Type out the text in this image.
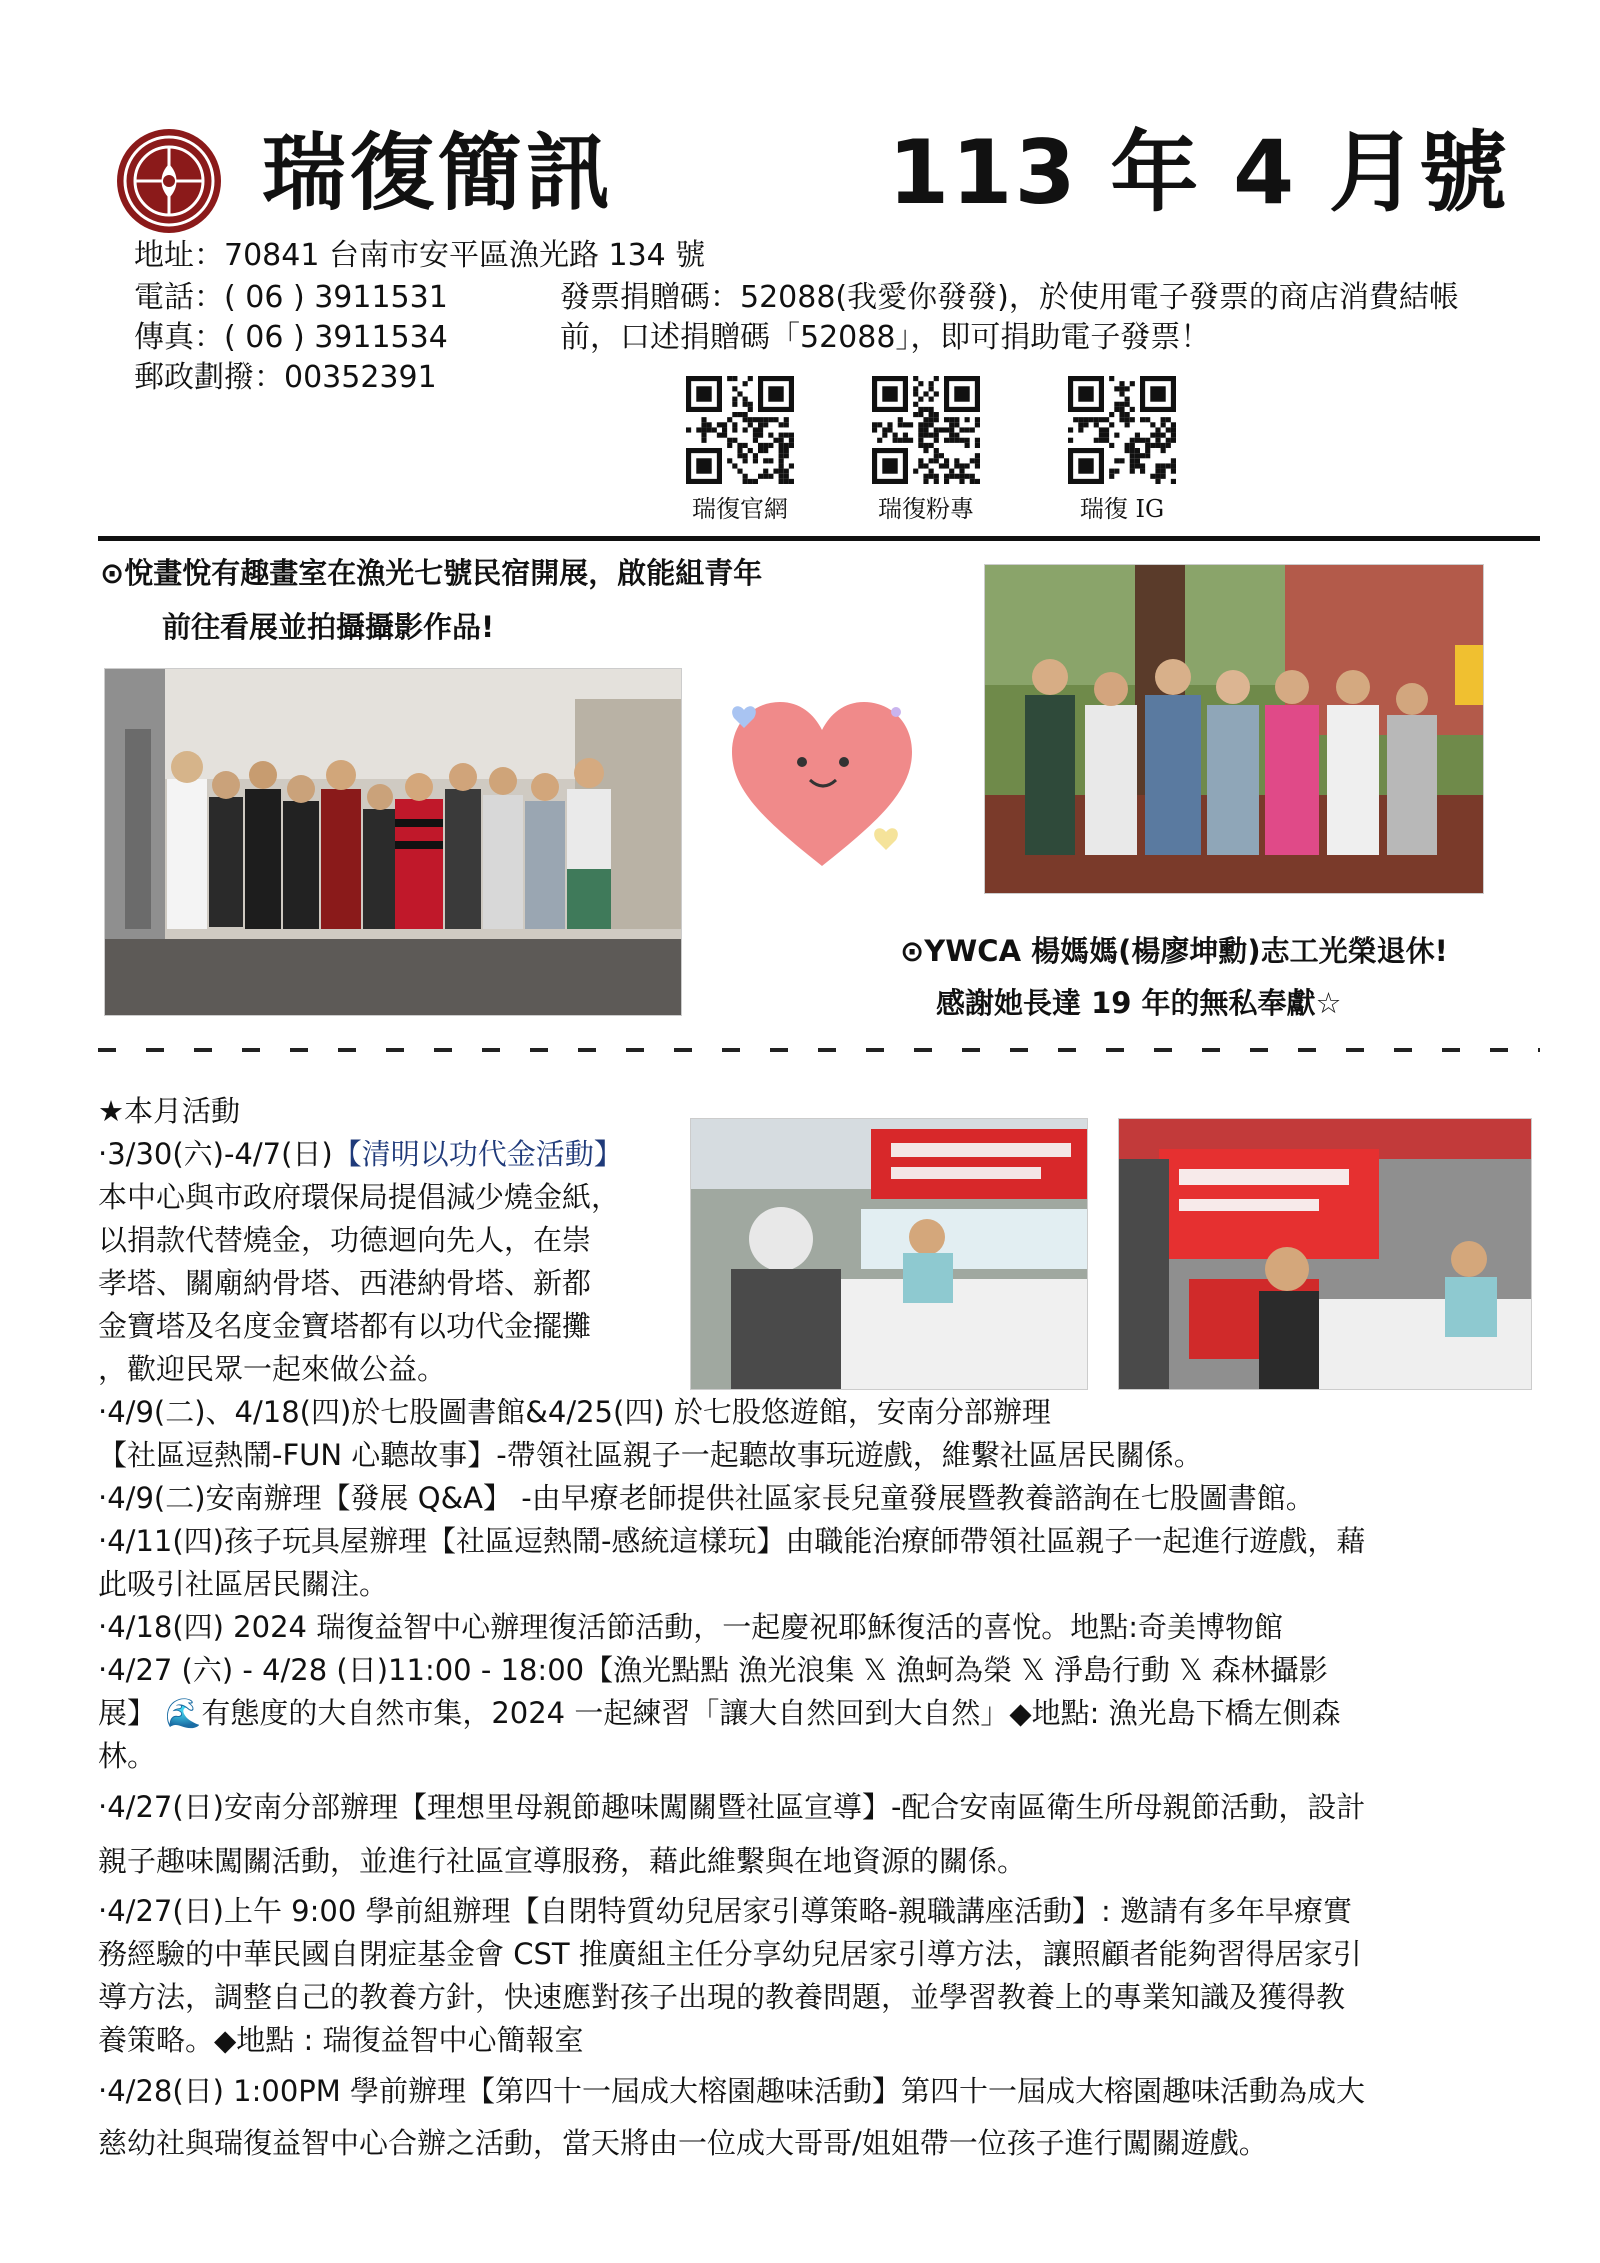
瑞復簡訊	113 年 4 月號
地址：70841 台南市安平區漁光路 134 號
電話：( 06 ) 3911531
傳真：( 06 ) 3911534
郵政劃撥：00352391
發票捐贈碼：52088(我愛你發發)，於使用電子發票的商店消費結帳
前，口述捐贈碼「52088」，即可捐助電子發票！
瑞復官網	瑞復粉專	瑞復 IG
⊙悅畫悅有趣畫室在漁光七號民宿開展，啟能組青年
前往看展並拍攝攝影作品!
⊙YWCA 楊媽媽(楊廖坤勳)志工光榮退休!
感謝她長達 19 年的無私奉獻☆
★本月活動
‧3/30(六)-4/7(日)【清明以功代金活動】
本中心與市政府環保局提倡減少燒金紙，
以捐款代替燒金，功德迴向先人，在崇
孝塔、關廟納骨塔、西港納骨塔、新都
金寶塔及名度金寶塔都有以功代金擺攤
，歡迎民眾一起來做公益。
‧4/9(二)、4/18(四)於七股圖書館&4/25(四) 於七股悠遊館，安南分部辦理
【社區逗熱鬧-FUN 心聽故事】-帶領社區親子一起聽故事玩遊戲，維繫社區居民關係。
‧4/9(二)安南辦理【發展 Q&A】 -由早療老師提供社區家長兒童發展暨教養諮詢在七股圖書館。
‧4/11(四)孩子玩具屋辦理【社區逗熱鬧-感統這樣玩】由職能治療師帶領社區親子一起進行遊戲，藉
此吸引社區居民關注。
‧4/18(四) 2024 瑞復益智中心辦理復活節活動，一起慶祝耶穌復活的喜悅。地點:奇美博物館
‧4/27 (六) - 4/28 (日)11:00 - 18:00【漁光點點 漁光浪集 𝕏 漁蚵為榮 𝕏 淨島行動 𝕏 森林攝影
展】 🌊有態度的大自然市集，2024 一起練習「讓大自然回到大自然」◆地點: 漁光島下橋左側森
林。
‧4/27(日)安南分部辦理【理想里母親節趣味闖關暨社區宣導】-配合安南區衛生所母親節活動，設計
親子趣味闖關活動，並進行社區宣導服務，藉此維繫與在地資源的關係。
‧4/27(日)上午 9:00 學前組辦理【自閉特質幼兒居家引導策略-親職講座活動】: 邀請有多年早療實
務經驗的中華民國自閉症基金會 CST 推廣組主任分享幼兒居家引導方法，讓照顧者能夠習得居家引
導方法，調整自己的教養方針，快速應對孩子出現的教養問題，並學習教養上的專業知識及獲得教
養策略。◆地點 : 瑞復益智中心簡報室
‧4/28(日) 1:00PM 學前辦理【第四十一屆成大榕園趣味活動】第四十一屆成大榕園趣味活動為成大
慈幼社與瑞復益智中心合辦之活動，當天將由一位成大哥哥/姐姐帶一位孩子進行闖關遊戲。
